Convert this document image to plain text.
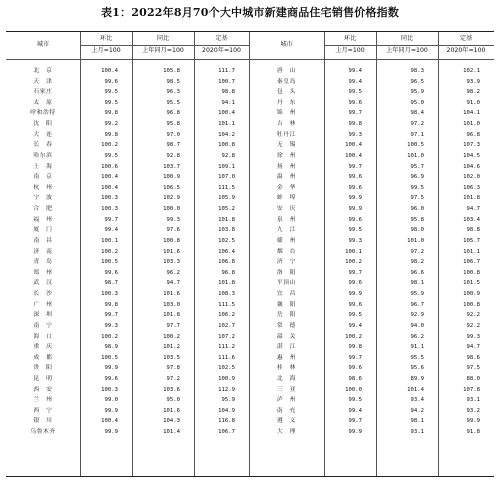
表1：2022年8月70个大中城市新建商品住宅销售价格指数
环比	同比	定基	环比	同比	定基
城市	城市
上月=100	上年同月=100	2020年=100	上月=100	上年同月=100	2020年=100
北　京	100.4	105.8	111.7	唐　山	99.4	98.3	102.1
天　津	99.6	98.5	100.7	秦皇岛	99.4	96.5	93.9
石家庄	99.5	96.3	98.8	包　头	99.5	95.9	98.2
太　原	99.5	95.5	94.1	丹　东	99.6	95.0	91.0
呼和浩特	99.8	96.8	100.4	锦　州	99.7	98.4	104.1
沈　阳	99.2	95.8	101.1	吉　林	99.8	97.2	101.0
大　连	99.8	97.0	104.2	牡丹江	99.3	97.1	96.8
长　春	100.2	98.7	100.8	无　锡	100.4	100.5	107.3
哈尔滨	99.5	92.8	92.8	徐　州	100.4	101.0	104.5
上　海	100.6	103.7	109.1	扬　州	99.7	95.7	104.6
南　京	100.4	100.9	107.0	温　州	99.6	96.9	102.0
杭　州	100.4	106.5	111.5	金　华	99.6	99.5	106.3
宁　波	100.3	102.9	105.9	蚌　埠	99.9	97.5	101.8
合　肥	100.3	100.0	105.2	安　庆	99.9	96.0	94.7
福　州	99.7	99.3	101.8	泉　州	99.6	95.8	103.4
厦　门	99.4	97.6	103.8	九　江	99.5	98.0	98.8
南　昌	100.1	100.8	102.5	赣　州	99.3	101.0	105.7
济　南	100.2	101.6	106.4	烟　台	100.1	97.2	101.1
青　岛	100.5	103.3	106.8	济　宁	100.2	98.2	106.7
郑　州	99.6	96.2	96.8	洛　阳	99.7	96.6	100.8
武　汉	98.7	94.7	101.8	平顶山	99.6	98.1	101.5
长　沙	100.3	101.6	108.3	宜　昌	99.9	95.9	100.9
广　州	99.8	103.0	111.5	襄　阳	99.6	96.7	100.8
深　圳	99.7	101.8	106.2	岳　阳	99.5	92.9	92.2
南　宁	99.3	97.7	102.7	常　德	99.4	94.0	92.2
海　口	100.2	100.2	107.2	韶　关	100.2	96.2	99.3
重　庆	98.9	101.2	111.2	湛　江	99.8	91.1	94.7
成　都	100.5	103.5	111.6	惠　州	99.7	95.5	98.6
贵　阳	99.9	97.8	102.5	桂　林	99.6	95.6	97.5
昆　明	99.6	97.2	100.9	北　海	98.6	89.9	88.0
西　安	100.3	103.6	112.9	三　亚	100.0	101.4	107.8
兰　州	99.0	95.0	95.9	泸　州	99.5	93.4	93.1
西　宁	99.9	101.6	104.9	南　充	99.4	94.2	93.2
银　川	100.4	104.3	116.8	遵　义	99.7	98.1	99.9
乌鲁木齐	99.9	101.4	106.7	大　理	99.9	93.1	91.8
